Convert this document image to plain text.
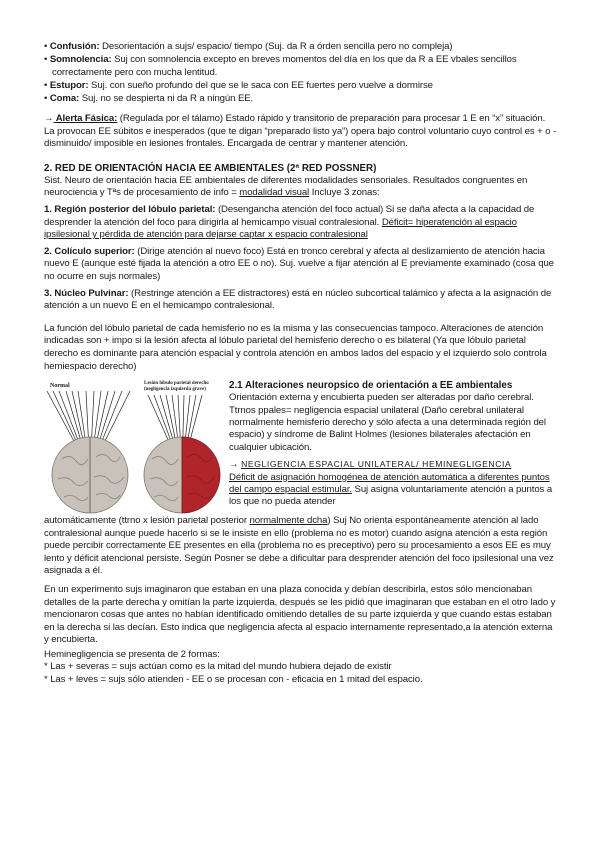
• Confusión: Desorientación a sujs/ espacio/ tiempo (Suj. da R a órden sencilla pero no compleja)

• Somnolencia: Suj con somnolencia excepto en breves momentos del día en los que da R a EE vbales sencillos correctamente pero con mucha lentitud.

• Estupor: Suj. con sueño profundo del que se le saca con EE fuertes pero vuelve a dormirse

• Coma: Suj. no se despierta ni da R a ningún EE.

→ Alerta Fásica: (Regulada por el tálamo) Estado rápido y transitorio de preparación para procesar 1 E en “x” situación. La provocan EE súbitos e inesperados (que te digan “preparado listo ya”) opera bajo control voluntario cuyo control es + o - disminuido/ imposible en lesiones frontales. Encargada de centrar y mantener atención.

2. RED DE ORIENTACIÓN HACIA EE AMBIENTALES (2ª RED POSSNER)

Sist. Neuro de orientación hacia EE ambientales de diferentes modalidades sensoriales. Resultados congruentes en neurociencia y Tªs de procesamiento de info = modalidad visual Incluye 3 zonas:

1. Región posterior del lóbulo parietal: (Desengancha atención del foco actual) Si se daña afecta a la capacidad de desprender la atención del foco para dirigirla al hemicampo visual contralesional. Déficit= hiperatención al espacio ipsilesional y pérdida de atención para dejarse captar x espacio contralesional

2. Colículo superior: (Dirige atención al nuevo foco) Está en tronco cerebral y afecta al deslizamiento de atención hacia nuevo E (aunque esté fijada la atención a otro EE o no). Suj. vuelve a fijar atención al E previamente examinado (cosa que no ocurre en sujs normales)

3. Núcleo Pulvinar: (Restringe atención a EE distractores) está en núcleo subcortical talámico y afecta a la asignación de atención a un nuevo E en el hemicampo contralesional.

La función del lóbulo parietal de cada hemisferio no es la misma y las consecuencias tampoco. Alteraciones de atención indicadas son + impo si la lesión afecta al lóbulo parietal del hemisferio derecho o es bilateral (Ya que lóbulo parietal derecho es dominante para atención espacial y controla atención en ambos lados del espacio y el izquierdo solo controla hemiespacio derecho)

Normal	Lesión lóbulo parietal derecho
(negligencia izquierda grave) 2.1 Alteraciones neuropsico de orientación a EE ambientales

Orientación externa y encubierta pueden ser alteradas por daño cerebral. Ttrnos ppales= negligencia espacial unilateral (Daño cerebral unilateral normalmente hemisferio derecho y sólo afecta a una determinada región del espacio) y síndrome de Balint Holmes (lesiones bilaterales afectación en cualquier ubicación.

→ NEGLIGENCIA ESPACIAL UNILATERAL/ HEMINEGLIGENCIA
Déficit de asignación homogénea de atención automática a diferentes puntos del campo espacial estimular. Suj asigna voluntariamente atención a puntos a los que no pueda atender

automáticamente (ttrno x lesión parietal posterior normalmente dcha) Suj No orienta espontáneamente atención al lado contralesional aunque puede hacerlo si se le insiste en ello (problema no es motor) cuando asigna atención a esta región puede percibir correctamente EE presentes en ella (problema no es preceptivo) pero su procesamiento a esos EE es muy lento y déficit atencional persiste. Según Posner se debe a dificultar para desprender atención del foco ipsilesional una vez asignada a él.

En un experimento sujs imaginaron que estaban en una plaza conocida y debían describirla, estos sólo mencionaban detalles de la parte derecha y omitían la parte izquierda, después se les pidió que imaginaran que estaban en el otro lado y mencionaron cosas que antes no habían identificado omitiendo detalles de su parte izquierda y que cuando estas estaban en la derecha si las decían. Esto indica que negligencia afecta al espacio internamente representado,a la atención externa y encubierta.

Heminegligencia se presenta de 2 formas:

* Las + severas = sujs actúan como es la mitad del mundo hubiera dejado de existir

* Las + leves = sujs sólo atienden - EE o se procesan con - eficacia en 1 mitad del espacio.
